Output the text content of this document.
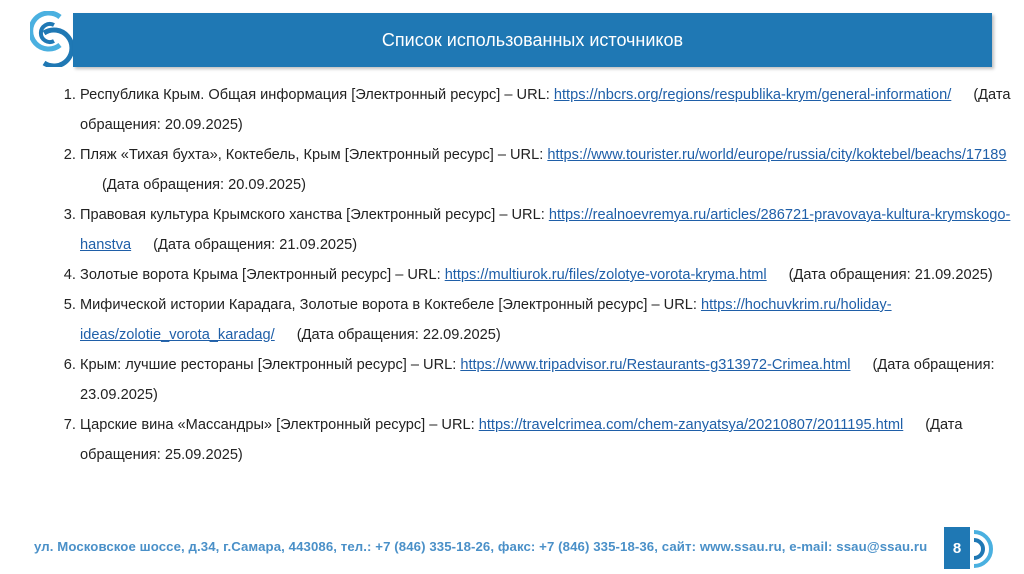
Список использованных источников
1. Республика Крым. Общая информация [Электронный ресурс] – URL: https://nbcrs.org/regions/respublika-krym/general-information/ (Дата обращения: 20.09.2025)
2. Пляж «Тихая бухта», Коктебель, Крым [Электронный ресурс] – URL: https://www.tourister.ru/world/europe/russia/city/koktebel/beachs/17189(Дата обращения: 20.09.2025)
3. Правовая культура Крымского ханства [Электронный ресурс] – URL: https://realnoevremya.ru/articles/286721-pravovaya-kultura-krymskogo-hanstva (Дата обращения: 21.09.2025)
4. Золотые ворота Крыма [Электронный ресурс] – URL: https://multiurok.ru/files/zolotye-vorota-kryma.html (Дата обращения: 21.09.2025)
5. Мифической истории Карадага, Золотые ворота в Коктебеле [Электронный ресурс] – URL: https://hochuvkrim.ru/holiday-ideas/zolotie_vorota_karadag/ (Дата обращения: 22.09.2025)
6. Крым: лучшие рестораны [Электронный ресурс] – URL: https://www.tripadvisor.ru/Restaurants-g313972-Crimea.html (Дата обращения: 23.09.2025)
7. Царские вина «Массандры» [Электронный ресурс] – URL: https://travelcrimea.com/chem-zanyatsya/20210807/2011195.html (Дата обращения: 25.09.2025)
ул. Московское шоссе, д.34, г.Самара, 443086, тел.: +7 (846) 335-18-26, факс: +7 (846) 335-18-36, сайт: www.ssau.ru, e-mail: ssau@ssau.ru 8
